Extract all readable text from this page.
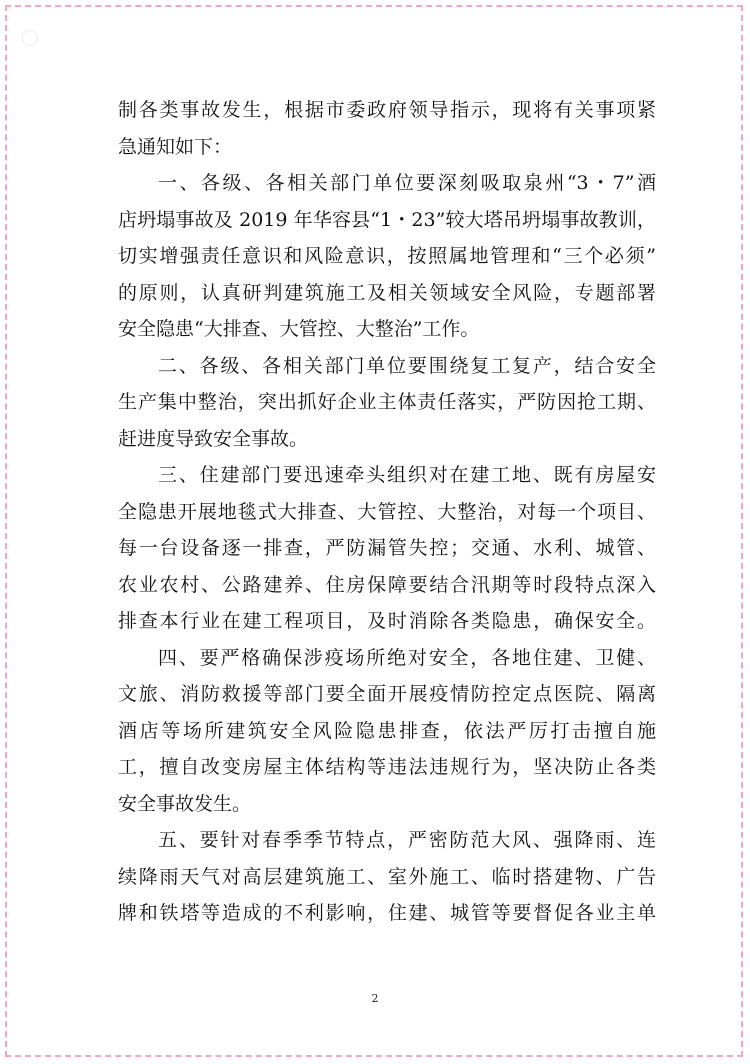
制各类事故发生，根据市委政府领导指示，现将有关事项紧
急通知如下：
一、各级、各相关部门单位要深刻吸取泉州“3・7”酒
店坍塌事故及 2019 年华容县“1・23”较大塔吊坍塌事故教训，
切实增强责任意识和风险意识，按照属地管理和“三个必须”
的原则，认真研判建筑施工及相关领域安全风险，专题部署
安全隐患“大排查、大管控、大整治”工作。
二、各级、各相关部门单位要围绕复工复产，结合安全
生产集中整治，突出抓好企业主体责任落实，严防因抢工期、
赶进度导致安全事故。
三、住建部门要迅速牵头组织对在建工地、既有房屋安
全隐患开展地毯式大排查、大管控、大整治，对每一个项目、
每一台设备逐一排查，严防漏管失控；交通、水利、城管、
农业农村、公路建养、住房保障要结合汛期等时段特点深入
排查本行业在建工程项目，及时消除各类隐患，确保安全。
四、要严格确保涉疫场所绝对安全，各地住建、卫健、
文旅、消防救援等部门要全面开展疫情防控定点医院、隔离
酒店等场所建筑安全风险隐患排查，依法严厉打击擅自施
工，擅自改变房屋主体结构等违法违规行为，坚决防止各类
安全事故发生。
五、要针对春季季节特点，严密防范大风、强降雨、连
续降雨天气对高层建筑施工、室外施工、临时搭建物、广告
牌和铁塔等造成的不利影响，住建、城管等要督促各业主单
2
